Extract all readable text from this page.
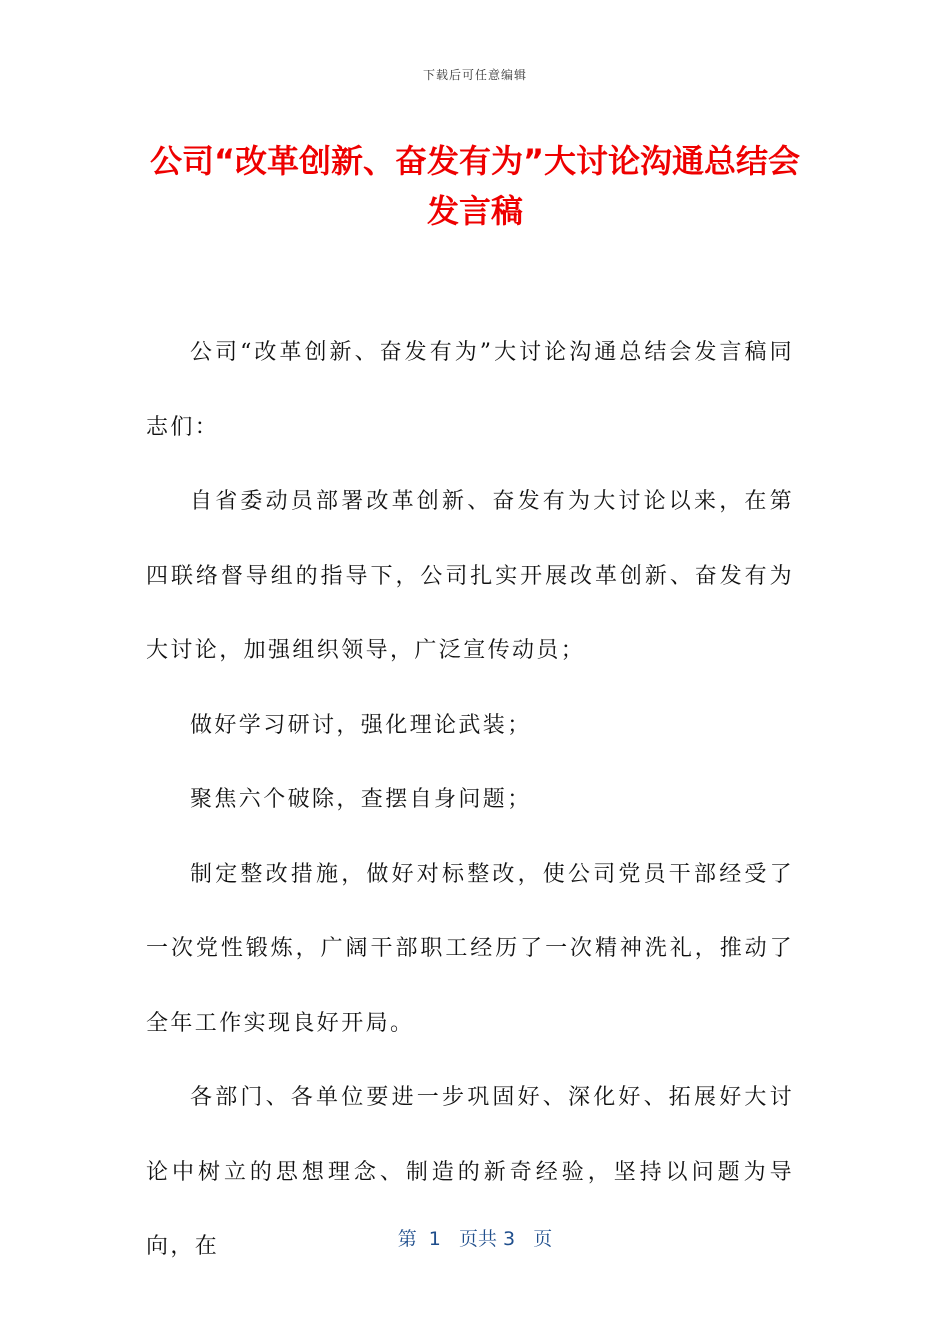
下载后可任意编辑
公司“改革创新、奋发有为”大讨论沟通总结会发言稿

公司“改革创新、奋发有为”大讨论沟通总结会发言稿同志们：

自省委动员部署改革创新、奋发有为大讨论以来，在第四联络督导组的指导下，公司扎实开展改革创新、奋发有为大讨论，加强组织领导，广泛宣传动员；

做好学习研讨，强化理论武装；

聚焦六个破除，查摆自身问题；

制定整改措施，做好对标整改，使公司党员干部经受了一次党性锻炼，广阔干部职工经历了一次精神洗礼，推动了全年工作实现良好开局。

各部门、各单位要进一步巩固好、深化好、拓展好大讨论中树立的思想理念、制造的新奇经验，坚持以问题为导向，在	第  1   页共 3   页
